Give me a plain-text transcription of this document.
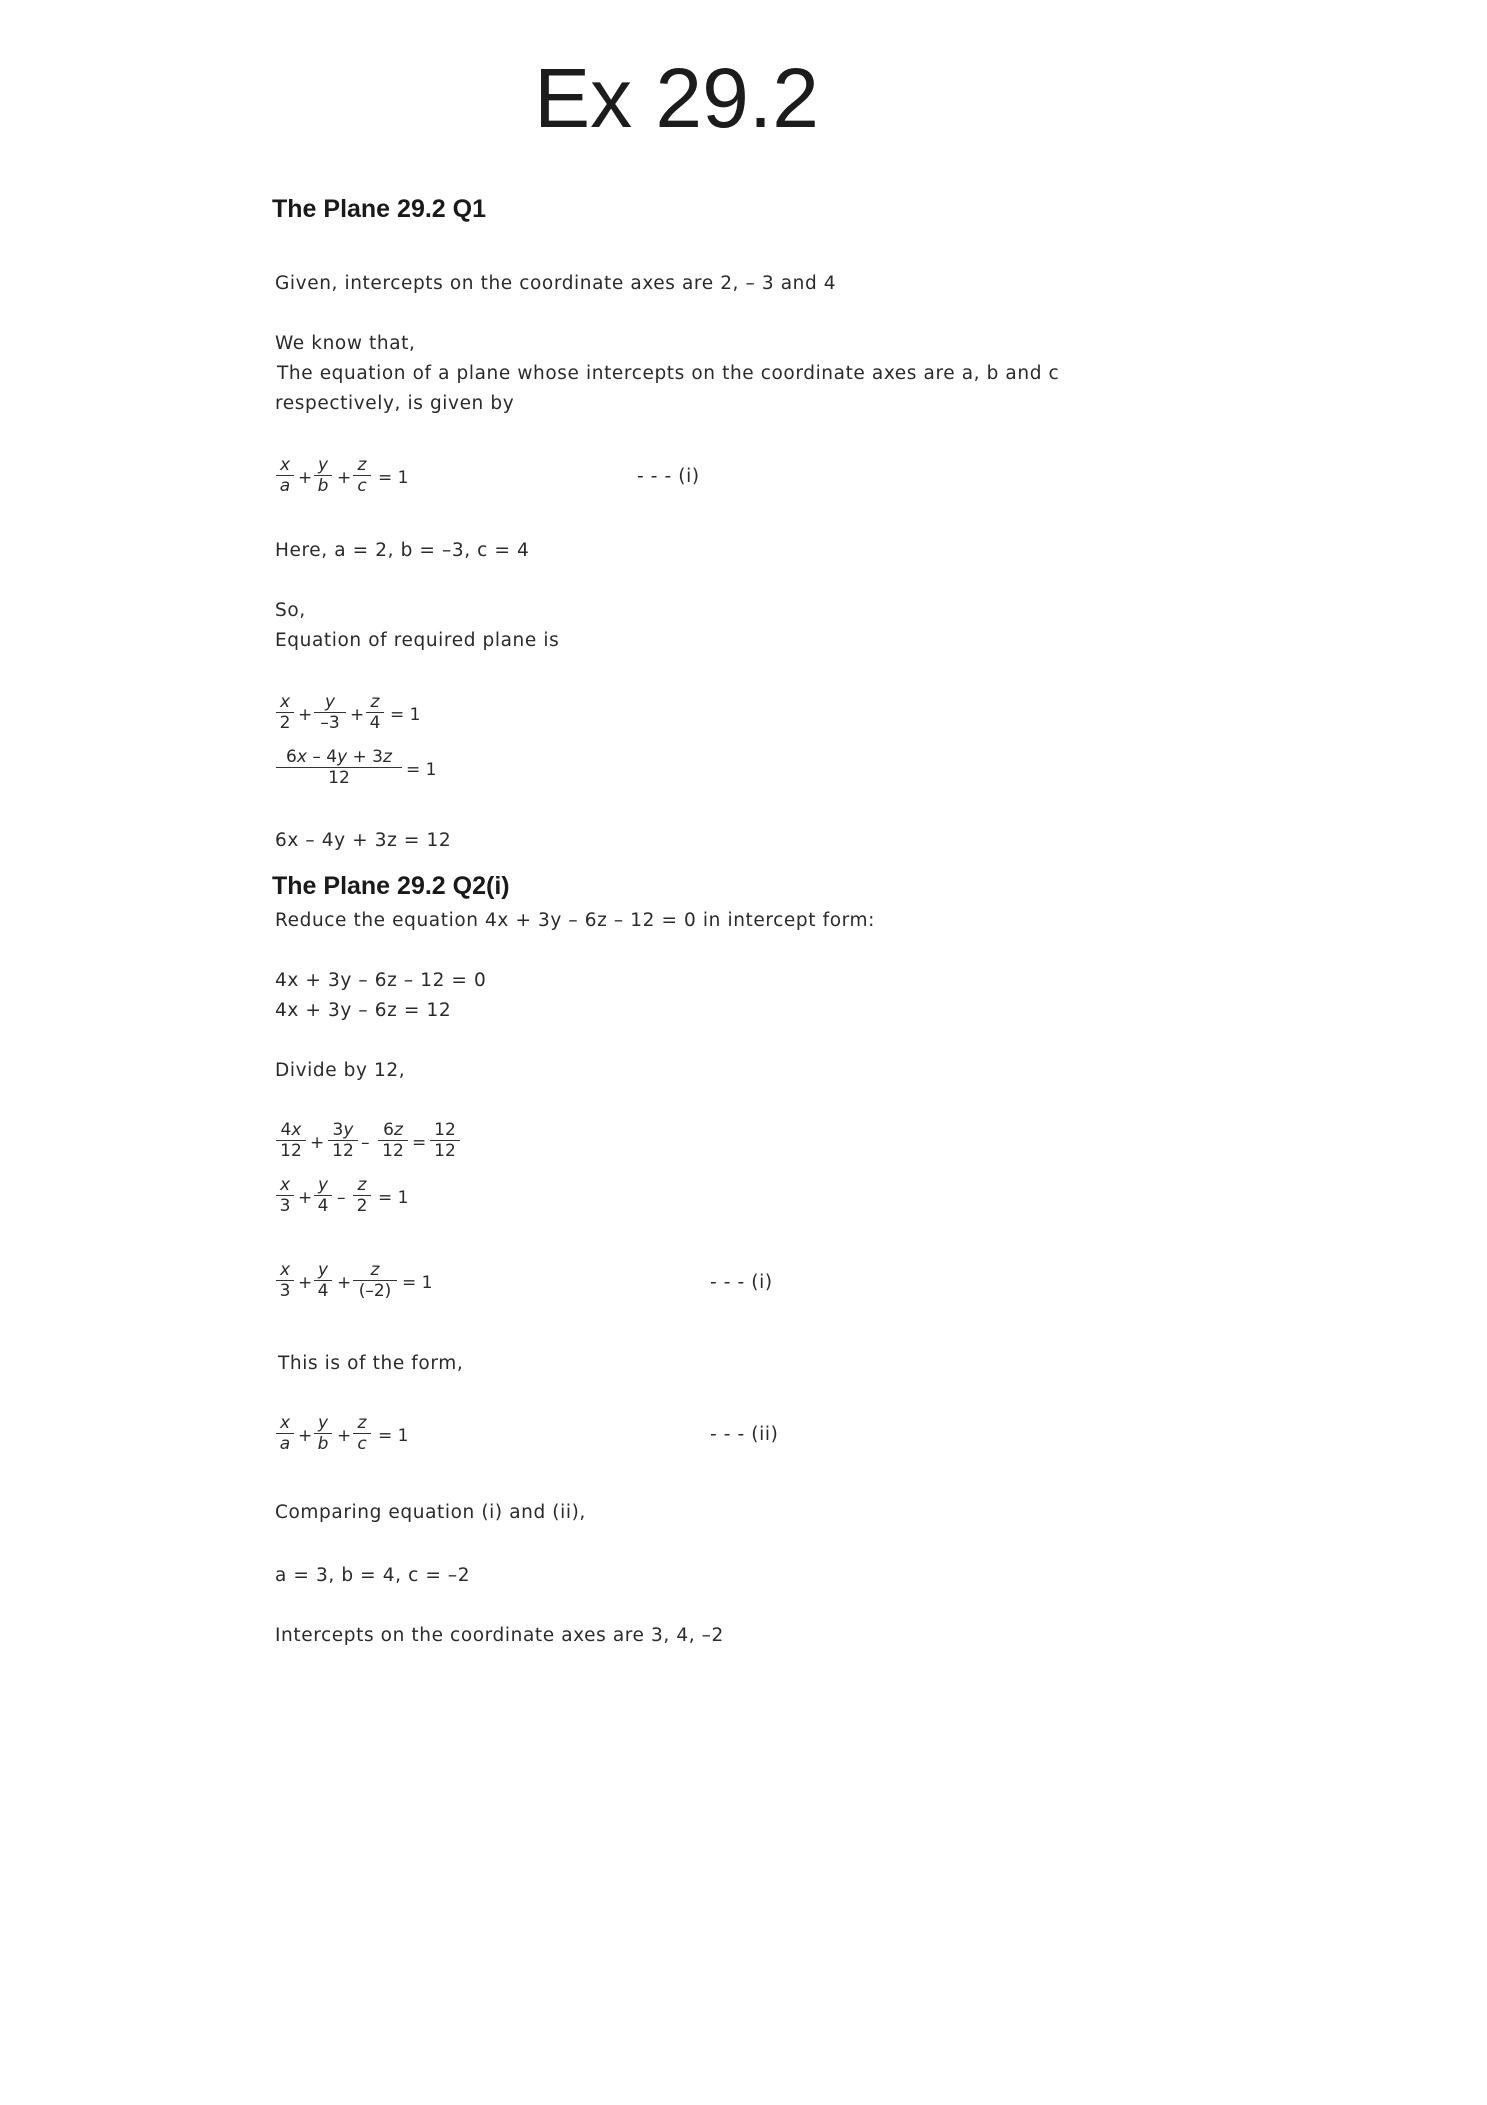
Ex 29.2
The Plane 29.2 Q1
Given, intercepts on the coordinate axes are 2, – 3 and 4
We know that,
The equation of a plane whose intercepts on the coordinate axes are a, b and c
respectively, is given by
x
a +
y
b +
z
c = 1	- - - (i)
Here, a = 2, b = –3, c = 4
So,
Equation of required plane is
x
2 +
y
–3 +
z
4 = 1
6x – 4y + 3z
12	= 1
6x – 4y + 3z = 12
The Plane 29.2 Q2(i)
Reduce the equation 4x + 3y – 6z – 12 = 0 in intercept form:
4x + 3y – 6z – 12 = 0
4x + 3y – 6z = 12
Divide by 12,
4x
12 +
3y
12 –
6z
12 =
12
12
x
3 +
y
4 –
z
2 = 1
x
3 +
y
4 +
z
(–2) = 1	- - - (i)
This is of the form,
x
a +
y
b +
z
c = 1	- - - (ii)
Comparing equation (i) and (ii),
a = 3, b = 4, c = –2
Intercepts on the coordinate axes are 3, 4, –2
